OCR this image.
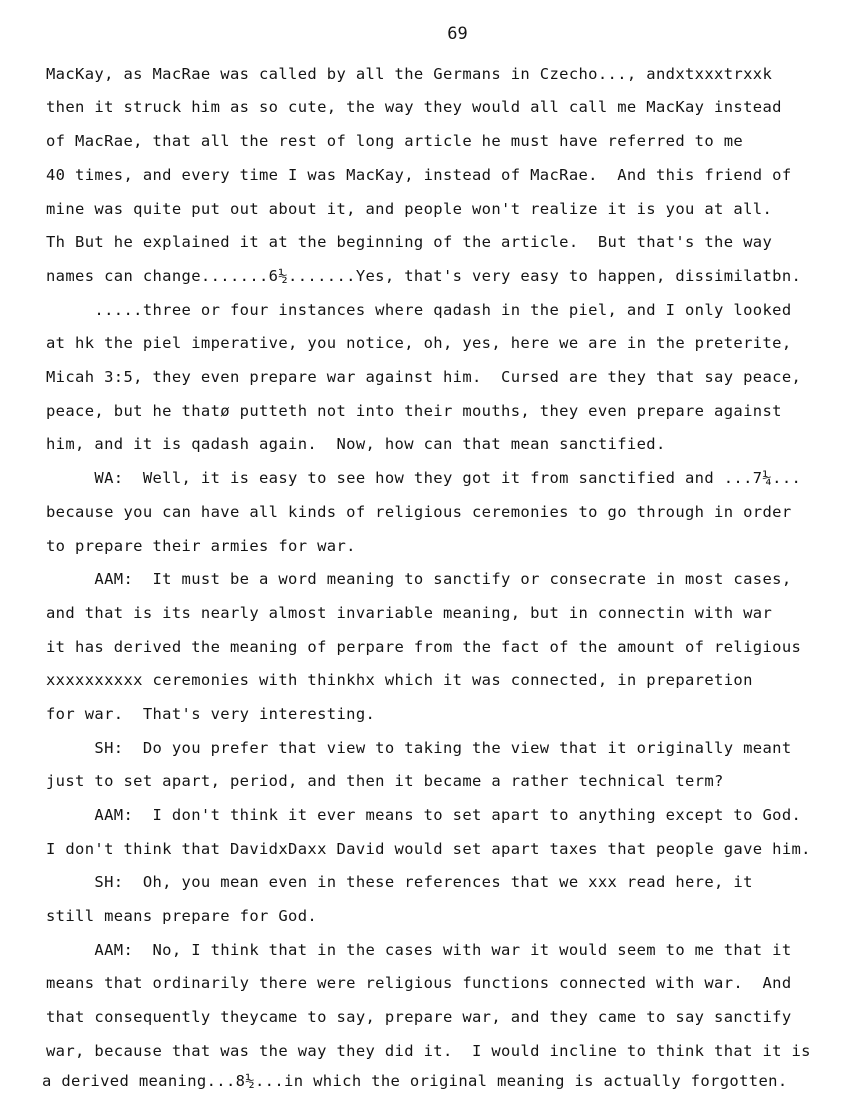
69
MacKay, as MacRae was called by all the Germans in Czecho..., andxtxxxtrxxk
then it struck him as so cute, the way they would all call me MacKay instead
of MacRae, that all the rest of long article he must have referred to me
40 times, and every time I was MacKay, instead of MacRae.  And this friend of
mine was quite put out about it, and people won't realize it is you at all.
Th But he explained it at the beginning of the article.  But that's the way
names can change.......6½.......Yes, that's very easy to happen, dissimilatbn.
.....three or four instances where qadash in the piel, and I only looked
at hk the piel imperative, you notice, oh, yes, here we are in the preterite,
Micah 3:5, they even prepare war against him.  Cursed are they that say peace,
peace, but he thatø putteth not into their mouths, they even prepare against
him, and it is qadash again.  Now, how can that mean sanctified.
WA:  Well, it is easy to see how they got it from sanctified and ...7¼...
because you can have all kinds of religious ceremonies to go through in order
to prepare their armies for war.
AAM:  It must be a word meaning to sanctify or consecrate in most cases,
and that is its nearly almost invariable meaning, but in connectin with war
it has derived the meaning of perpare from the fact of the amount of religious
xxxxxxxxxx ceremonies with thinkhx which it was connected, in preparetion
for war.  That's very interesting.
SH:  Do you prefer that view to taking the view that it originally meant
just to set apart, period, and then it became a rather technical term?
AAM:  I don't think it ever means to set apart to anything except to God.
I don't think that DavidxDaxx David would set apart taxes that people gave him.
SH:  Oh, you mean even in these references that we xxx read here, it
still means prepare for God.
AAM:  No, I think that in the cases with war it would seem to me that it
means that ordinarily there were religious functions connected with war.  And
that consequently theycame to say, prepare war, and they came to say sanctify
war, because that was the way they did it.  I would incline to think that it is
a derived meaning...8½...in which the original meaning is actually forgotten.
